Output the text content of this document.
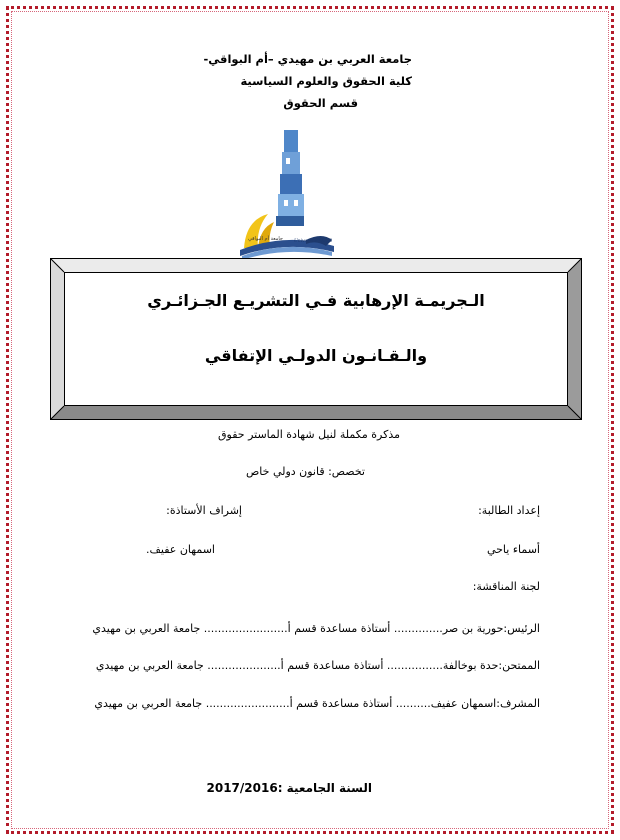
جامعة العربي بن مهيدي –أم البواقي-
كلية الحقوق والعلوم السياسية
قسم الحقوق
جامعة أم البواقي Université O.E.B
الـجريمـة الإرهابية فـي التشريـع الجـزائـري
والـقـانـون الدولـي الإتفاقي
مذكرة مكملة لنيل شهادة الماستر حقوق
تخصص: قانون دولي خاص
إعداد الطالبة:
إشراف الأستاذة:
أسماء ياحي
اسمهان عفيف.
لجنة المناقشة:
الرئيس:حورية بن صر.............. أستاذة مساعدة قسم أ........................ جامعة العربي بن مهيدي
الممتحن:حدة بوخالفة................ أستاذة مساعدة قسم أ..................... جامعة العربي بن مهيدي
المشرف:اسمهان عفيف.......... أستاذة مساعدة قسم أ........................ جامعة العربي بن مهيدي
السنة الجامعية :2017/2016
